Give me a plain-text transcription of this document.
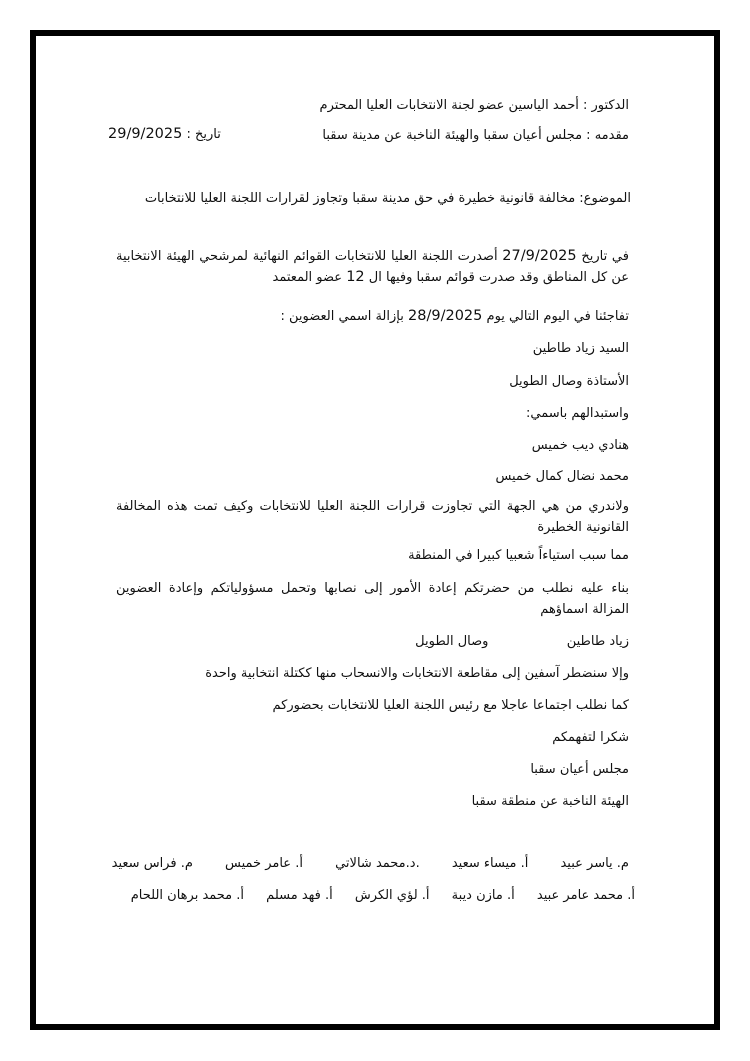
الدكتور : أحمد الياسين عضو لجنة الانتخابات العليا المحترم
مقدمه : مجلس أعيان سقبا والهيئة الناخبة عن مدينة سقبا
تاريخ : 29/9/2025
الموضوع: مخالفة قانونية خطيرة في حق مدينة سقبا وتجاوز لقرارات اللجنة العليا للانتخابات
في تاريخ 27/9/2025 أصدرت اللجنة العليا للانتخابات القوائم النهائية لمرشحي الهيئة الانتخابية عن كل المناطق وقد صدرت قوائم سقبا وفيها ال 12 عضو المعتمد
تفاجئنا في اليوم التالي يوم 28/9/2025 بإزالة اسمي العضوين :
السيد زياد طاطين
الأستاذة وصال الطويل
واستبدالهم باسمي:
هنادي ديب خميس
محمد نضال كمال خميس
ولاندري من هي الجهة التي تجاوزت قرارات اللجنة العليا للانتخابات وكيف تمت هذه المخالفة القانونية الخطيرة
مما سبب استياءاً شعبيا كبيرا في المنطقة
بناء عليه نطلب من حضرتكم إعادة الأمور إلى نصابها وتحمل مسؤولياتكم وإعادة العضوين المزالة اسماؤهم
زياد طاطين  وصال الطويل
وإلا سنضطر آسفين إلى مقاطعة الانتخابات والانسحاب منها ككتلة انتخابية واحدة
كما نطلب اجتماعا عاجلا مع رئيس اللجنة العليا للانتخابات بحضوركم
شكرا لتفهمكم
مجلس أعيان سقبا
الهيئة الناخبة عن منطقة سقبا
م. ياسر عبيد أ. ميساء سعيد .د.محمد شالاتي أ. عامر خميس م. فراس سعيد
أ. محمد عامر عبيد أ. مازن ديبة أ. لؤي الكرش أ. فهد مسلم أ. محمد برهان اللحام
